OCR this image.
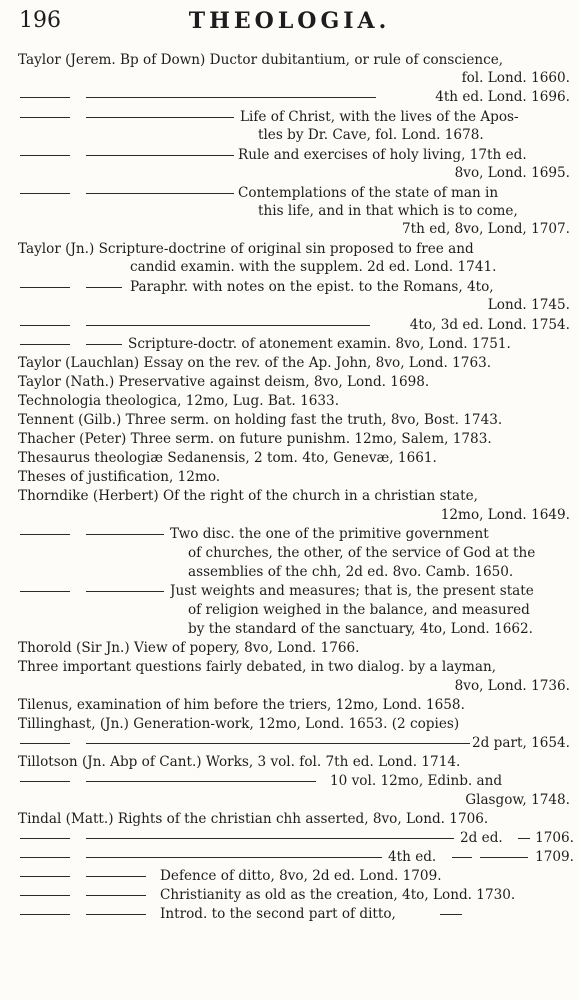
196	THEOLOGIA.
Taylor (Jerem. Bp of Down) Ductor dubitantium, or rule of conscience,
fol. Lond. 1660.
4th ed. Lond. 1696.
Life of Christ, with the lives of the Apos-
tles by Dr. Cave, fol. Lond. 1678.
Rule and exercises of holy living, 17th ed.
8vo, Lond. 1695.
Contemplations of the state of man in
this life, and in that which is to come,
7th ed, 8vo, Lond, 1707.
Taylor (Jn.) Scripture-doctrine of original sin proposed to free and
candid examin. with the supplem. 2d ed. Lond. 1741.
Paraphr. with notes on the epist. to the Romans, 4to,
Lond. 1745.
4to, 3d ed. Lond. 1754.
Scripture-doctr. of atonement examin. 8vo, Lond. 1751.
Taylor (Lauchlan) Essay on the rev. of the Ap. John, 8vo, Lond. 1763.
Taylor (Nath.) Preservative against deism, 8vo, Lond. 1698.
Technologia theologica, 12mo, Lug. Bat. 1633.
Tennent (Gilb.) Three serm. on holding fast the truth, 8vo, Bost. 1743.
Thacher (Peter) Three serm. on future punishm. 12mo, Salem, 1783.
Thesaurus theologiæ Sedanensis, 2 tom. 4to, Genevæ, 1661.
Theses of justification, 12mo.
Thorndike (Herbert) Of the right of the church in a christian state,
12mo, Lond. 1649.
Two disc. the one of the primitive government
of churches, the other, of the service of God at the
assemblies of the chh, 2d ed. 8vo. Camb. 1650.
Just weights and measures; that is, the present state
of religion weighed in the balance, and measured
by the standard of the sanctuary, 4to, Lond. 1662.
Thorold (Sir Jn.) View of popery, 8vo, Lond. 1766.
Three important questions fairly debated, in two dialog. by a layman,
8vo, Lond. 1736.
Tilenus, examination of him before the triers, 12mo, Lond. 1658.
Tillinghast, (Jn.) Generation-work, 12mo, Lond. 1653. (2 copies)
2d part, 1654.
Tillotson (Jn. Abp of Cant.) Works, 3 vol. fol. 7th ed. Lond. 1714.
10 vol. 12mo, Edinb. and
Glasgow, 1748.
Tindal (Matt.) Rights of the christian chh asserted, 8vo, Lond. 1706.
2d ed.	1706.
4th ed.	1709.
Defence of ditto, 8vo, 2d ed. Lond. 1709.
Christianity as old as the creation, 4to, Lond. 1730.
Introd. to the second part of ditto,
